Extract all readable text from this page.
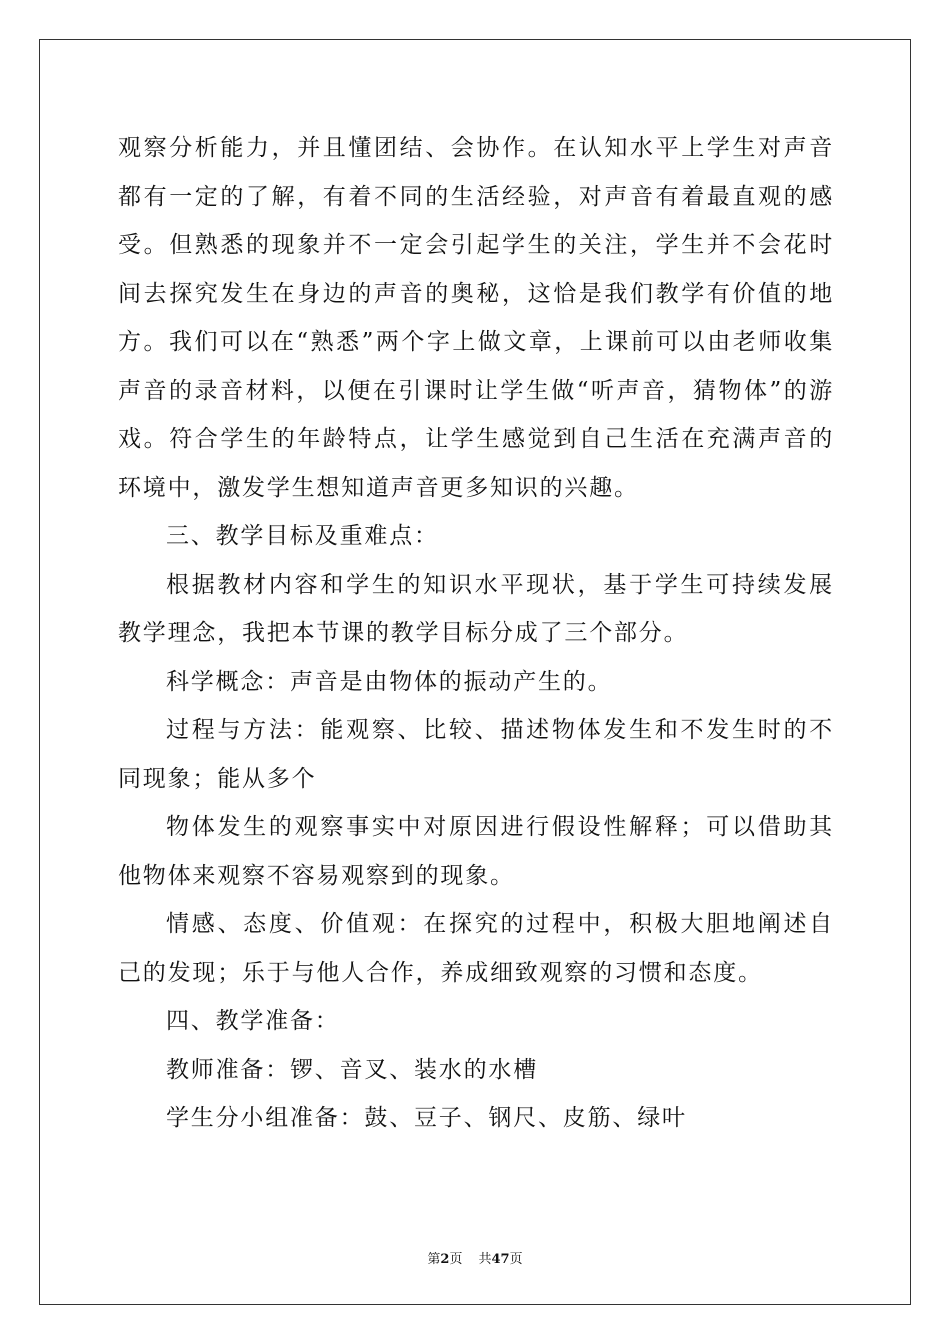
观察分析能力，并且懂团结、会协作。在认知水平上学生对声音都有一定的了解，有着不同的生活经验，对声音有着最直观的感受。但熟悉的现象并不一定会引起学生的关注，学生并不会花时间去探究发生在身边的声音的奥秘，这恰是我们教学有价值的地方。我们可以在“熟悉”两个字上做文章，上课前可以由老师收集声音的录音材料，以便在引课时让学生做“听声音，猜物体”的游戏。符合学生的年龄特点，让学生感觉到自己生活在充满声音的环境中，激发学生想知道声音更多知识的兴趣。

三、教学目标及重难点：

根据教材内容和学生的知识水平现状，基于学生可持续发展教学理念，我把本节课的教学目标分成了三个部分。

科学概念：声音是由物体的振动产生的。

过程与方法：能观察、比较、描述物体发生和不发生时的不同现象；能从多个

物体发生的观察事实中对原因进行假设性解释；可以借助其他物体来观察不容易观察到的现象。

情感、态度、价值观：在探究的过程中，积极大胆地阐述自己的发现；乐于与他人合作，养成细致观察的习惯和态度。

四、教学准备：

教师准备：锣、音叉、装水的水槽

学生分小组准备：鼓、豆子、钢尺、皮筋、绿叶

第2页 共47页
